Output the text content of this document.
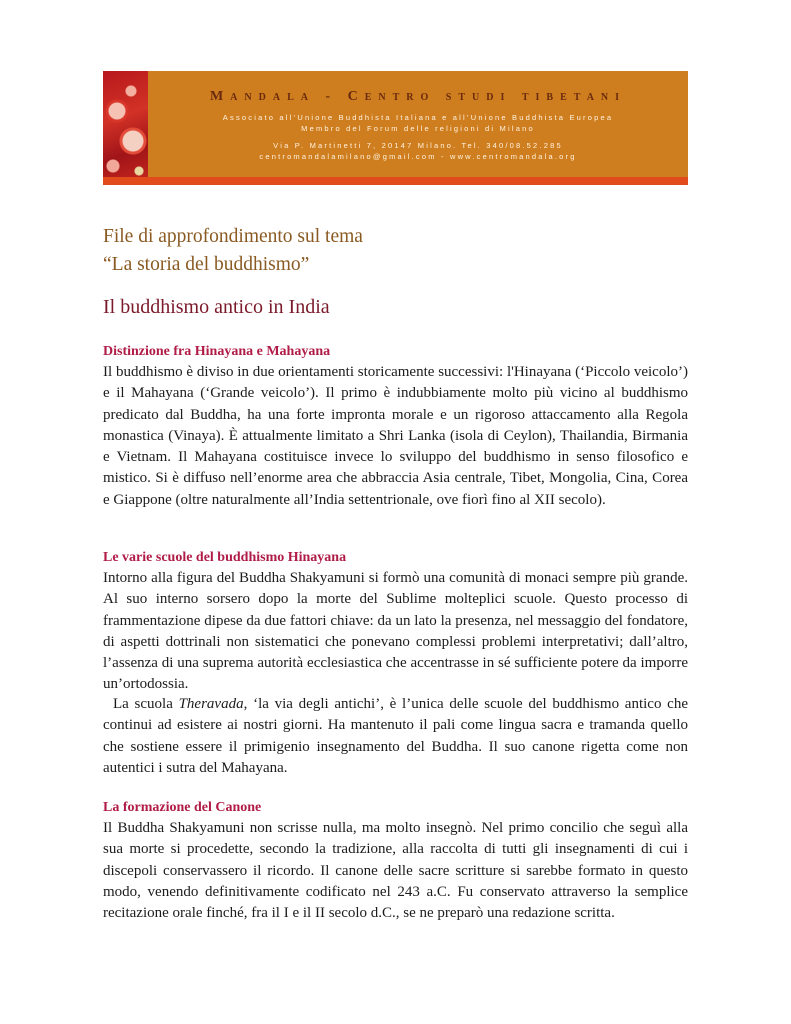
Mandala - Centro studi tibetani
Associato all’Unione Buddhista Italiana e all’Unione Buddhista Europea
Membro del Forum delle religioni di Milano
Via P. Martinetti 7, 20147 Milano. Tel. 340/08.52.285
centromandalamilano@gmail.com - www.centromandala.org
File di approfondimento sul tema
“La storia del buddhismo”
Il buddhismo antico in India
Distinzione fra Hinayana e Mahayana
Il buddhismo è diviso in due orientamenti storicamente successivi: l'Hinayana (‘Piccolo veicolo’) e il Mahayana (‘Grande veicolo’). Il primo è indubbiamente molto più vicino al buddhismo predicato dal Buddha, ha una forte impronta morale e un rigoroso attaccamento alla Regola monastica (Vinaya). È attualmente limitato a Shri Lanka (isola di Ceylon), Thailandia, Birmania e Vietnam. Il Mahayana costituisce invece lo sviluppo del buddhismo in senso filosofico e mistico. Si è diffuso nell’enorme area che abbraccia Asia centrale, Tibet, Mongolia, Cina, Corea e Giappone (oltre naturalmente all’India settentrionale, ove fiorì fino al XII secolo).
Le varie scuole del buddhismo Hinayana
Intorno alla figura del Buddha Shakyamuni si formò una comunità di monaci sempre più grande. Al suo interno sorsero dopo la morte del Sublime molteplici scuole. Questo processo di frammentazione dipese da due fattori chiave: da un lato la presenza, nel messaggio del fondatore, di aspetti dottrinali non sistematici che ponevano complessi problemi interpretativi; dall’altro, l’assenza di una suprema autorità ecclesiastica che accentrasse in sé sufficiente potere da imporre un’ortodossia.
La scuola Theravada, ‘la via degli antichi’, è l’unica delle scuole del buddhismo antico che continui ad esistere ai nostri giorni. Ha mantenuto il pali come lingua sacra e tramanda quello che sostiene essere il primigenio insegnamento del Buddha. Il suo canone rigetta come non autentici i sutra del Mahayana.
La formazione del Canone
Il Buddha Shakyamuni non scrisse nulla, ma molto insegnò. Nel primo concilio che seguì alla sua morte si procedette, secondo la tradizione, alla raccolta di tutti gli insegnamenti di cui i discepoli conservassero il ricordo. Il canone delle sacre scritture si sarebbe formato in questo modo, venendo definitivamente codificato nel 243 a.C. Fu conservato attraverso la semplice recitazione orale finché, fra il I e il II secolo d.C., se ne preparò una redazione scritta.
